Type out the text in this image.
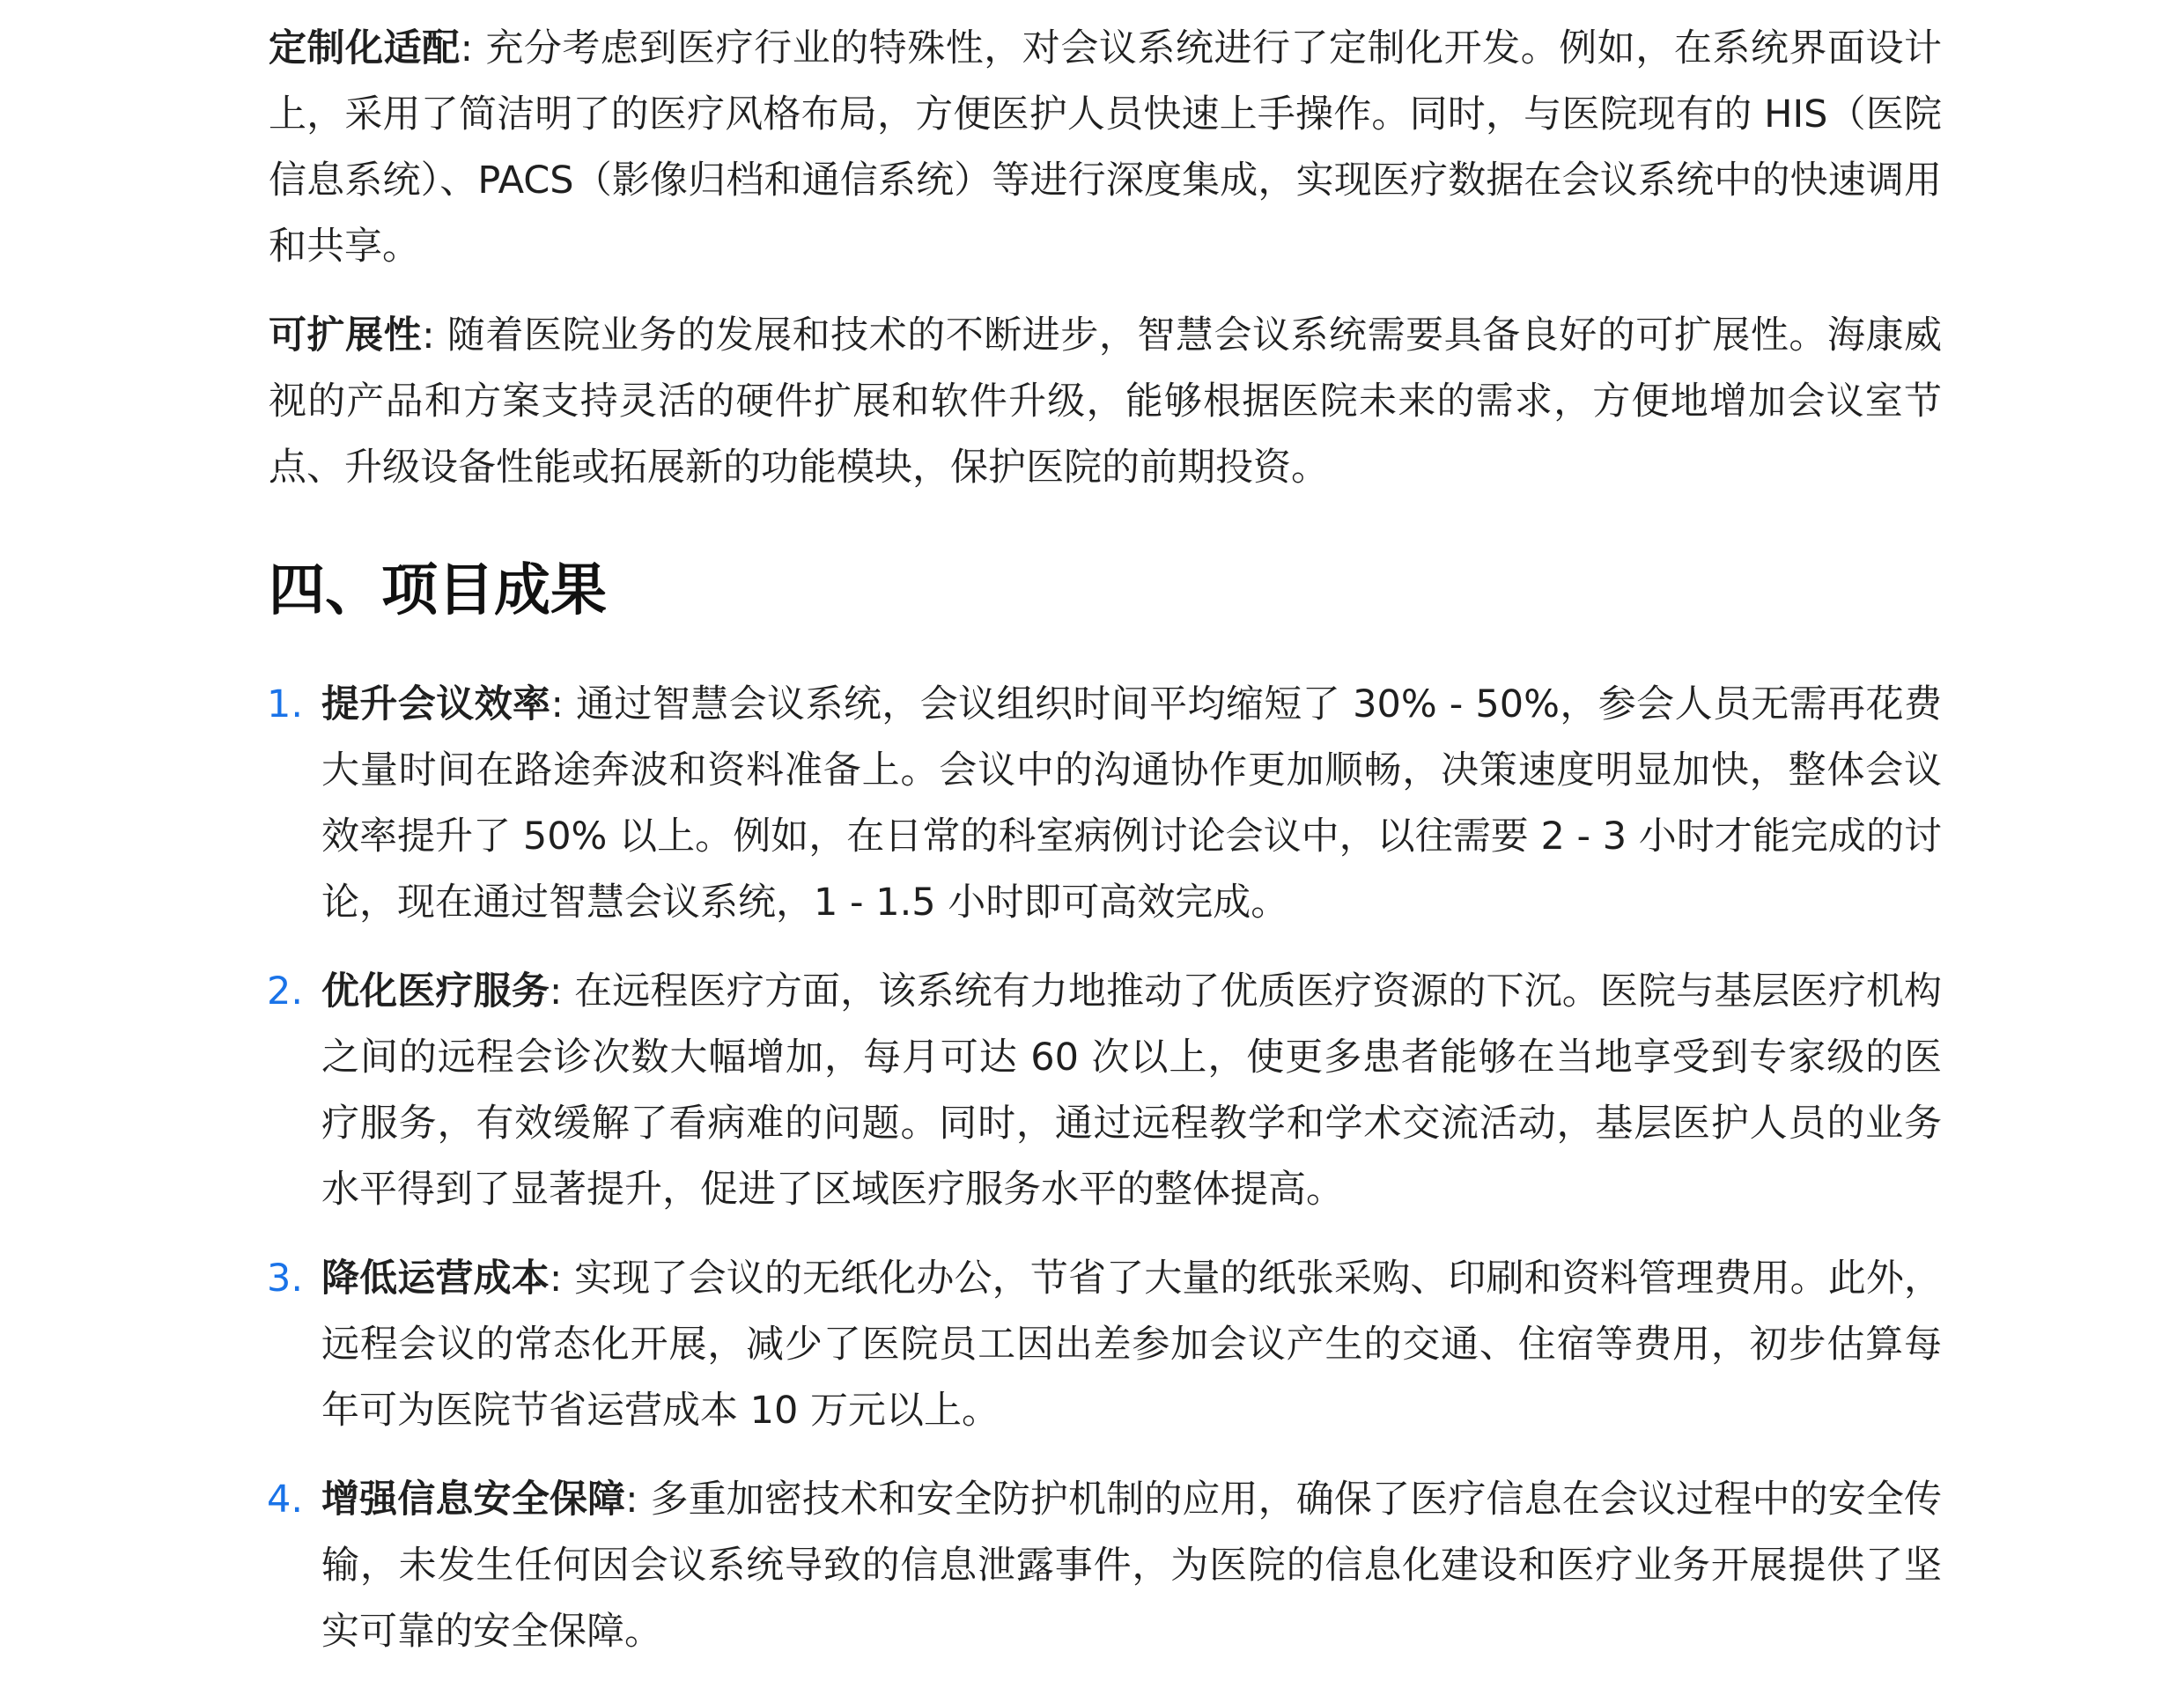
定制化适配: 充分考虑到医疗行业的特殊性，对会议系统进行了定制化开发。例如，在系统界面设计上，采用了简洁明了的医疗风格布局，方便医护人员快速上手操作。同时，与医院现有的 HIS（医院信息系统）、PACS（影像归档和通信系统）等进行深度集成，实现医疗数据在会议系统中的快速调用和共享。

可扩展性: 随着医院业务的发展和技术的不断进步，智慧会议系统需要具备良好的可扩展性。海康威视的产品和方案支持灵活的硬件扩展和软件升级，能够根据医院未来的需求，方便地增加会议室节点、升级设备性能或拓展新的功能模块，保护医院的前期投资。

四、项目成果
1. 提升会议效率: 通过智慧会议系统，会议组织时间平均缩短了 30% - 50%，参会人员无需再花费大量时间在路途奔波和资料准备上。会议中的沟通协作更加顺畅，决策速度明显加快，整体会议效率提升了 50% 以上。例如，在日常的科室病例讨论会议中，以往需要 2 - 3 小时才能完成的讨论，现在通过智慧会议系统，1 - 1.5 小时即可高效完成。
2. 优化医疗服务: 在远程医疗方面，该系统有力地推动了优质医疗资源的下沉。医院与基层医疗机构之间的远程会诊次数大幅增加，每月可达 60 次以上，使更多患者能够在当地享受到专家级的医疗服务，有效缓解了看病难的问题。同时，通过远程教学和学术交流活动，基层医护人员的业务水平得到了显著提升，促进了区域医疗服务水平的整体提高。
3. 降低运营成本: 实现了会议的无纸化办公，节省了大量的纸张采购、印刷和资料管理费用。此外，远程会议的常态化开展，减少了医院员工因出差参加会议产生的交通、住宿等费用，初步估算每年可为医院节省运营成本 10 万元以上。
4. 增强信息安全保障: 多重加密技术和安全防护机制的应用，确保了医疗信息在会议过程中的安全传输，未发生任何因会议系统导致的信息泄露事件，为医院的信息化建设和医疗业务开展提供了坚实可靠的安全保障。
